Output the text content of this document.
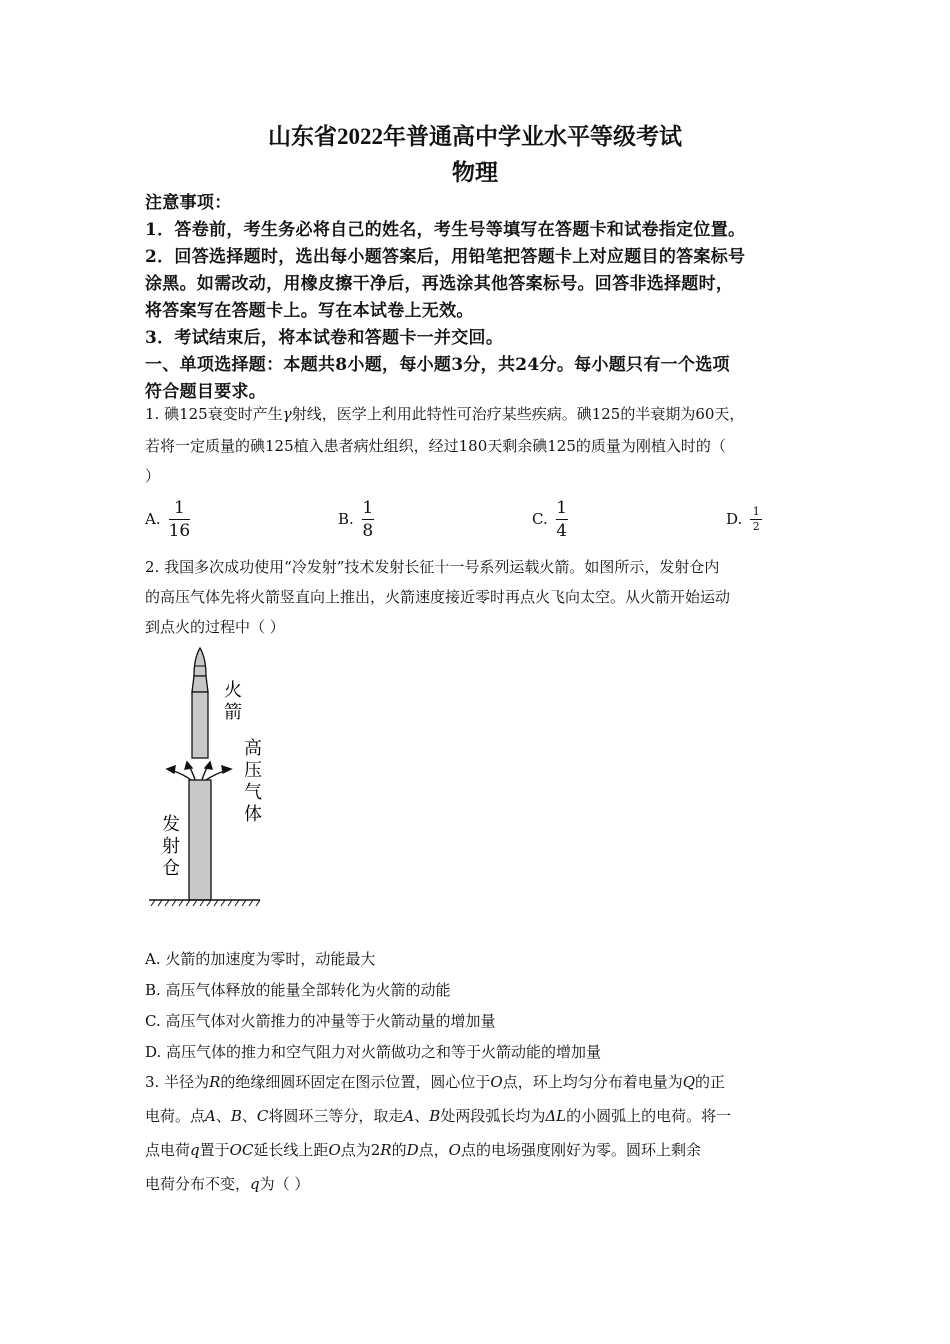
山东省2022年普通高中学业水平等级考试
物理
注意事项：
1．答卷前，考生务必将自己的姓名，考生号等填写在答题卡和试卷指定位置。
2．回答选择题时，选出每小题答案后，用铅笔把答题卡上对应题目的答案标号
涂黑。如需改动，用橡皮擦干净后，再选涂其他答案标号。回答非选择题时，
将答案写在答题卡上。写在本试卷上无效。
3．考试结束后，将本试卷和答题卡一并交回。
一、单项选择题：本题共8小题，每小题3分，共24分。每小题只有一个选项
符合题目要求。
1. 碘125衰变时产生γ射线，医学上利用此特性可治疗某些疾病。碘125的半衰期为60天，
若将一定质量的碘125植入患者病灶组织，经过180天剩余碘125的质量为刚植入时的（
）
A. $\frac{1}{16}$	B. $\frac{1}{8}$	C. $\frac{1}{4}$	D. $\frac{1}{2}$
2. 我国多次成功使用“冷发射”技术发射长征十一号系列运载火箭。如图所示，发射仓内
的高压气体先将火箭竖直向上推出，火箭速度接近零时再点火飞向太空。从火箭开始运动
到点火的过程中（ ）
火
箭
高
压
气
体
发
射
仓
A. 火箭的加速度为零时，动能最大
B. 高压气体释放的能量全部转化为火箭的动能
C. 高压气体对火箭推力的冲量等于火箭动量的增加量
D. 高压气体的推力和空气阻力对火箭做功之和等于火箭动能的增加量
3. 半径为R的绝缘细圆环固定在图示位置，圆心位于O点，环上均匀分布着电量为Q的正
电荷。点A、B、C将圆环三等分，取走A、B处两段弧长均为ΔL的小圆弧上的电荷。将一
点电荷q置于OC延长线上距O点为2R的D点，O点的电场强度刚好为零。圆环上剩余
电荷分布不变，q为（ ）
